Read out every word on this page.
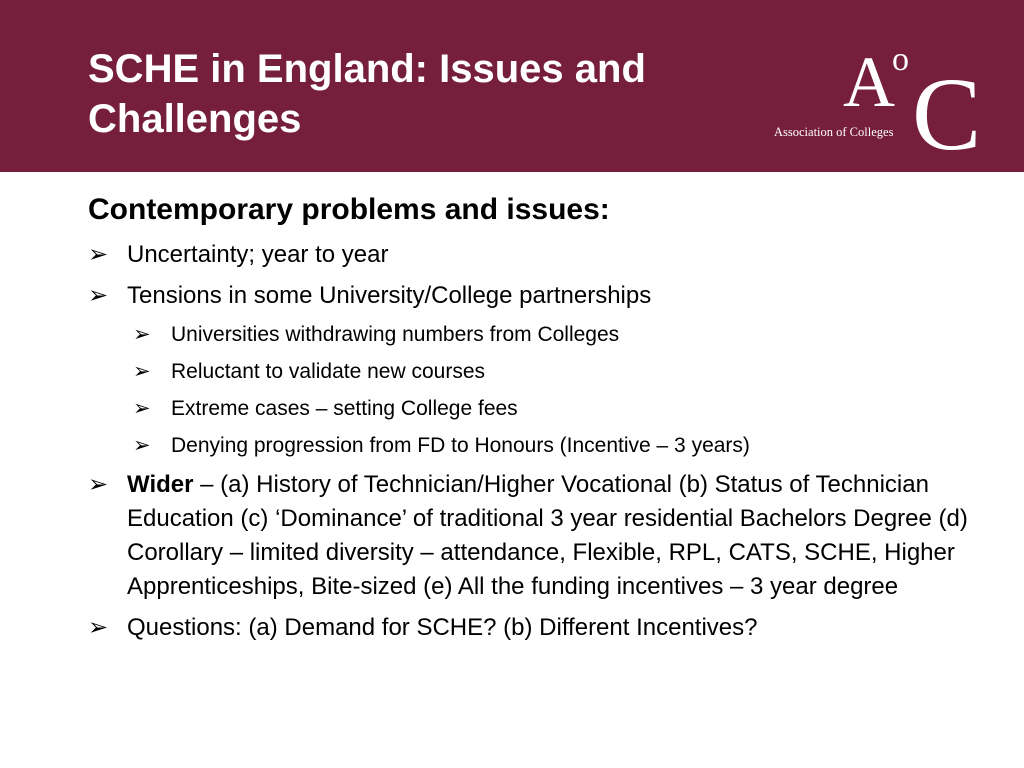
SCHE in England: Issues and Challenges	A
o C
Association of Colleges
Contemporary problems and issues:
➢ Uncertainty; year to year
➢ Tensions in some University/College partnerships
➢ Universities withdrawing numbers from Colleges
➢ Reluctant to validate new courses
➢ Extreme cases – setting College fees
➢ Denying progression from FD to Honours (Incentive – 3 years)
➢ Wider – (a) History of Technician/Higher Vocational (b) Status of Technician Education (c) ‘Dominance’ of traditional 3 year residential Bachelors Degree (d) Corollary – limited diversity – attendance, Flexible, RPL, CATS, SCHE, Higher Apprenticeships, Bite-sized (e) All the funding incentives – 3 year degree
➢ Questions: (a) Demand for SCHE? (b) Different Incentives?
